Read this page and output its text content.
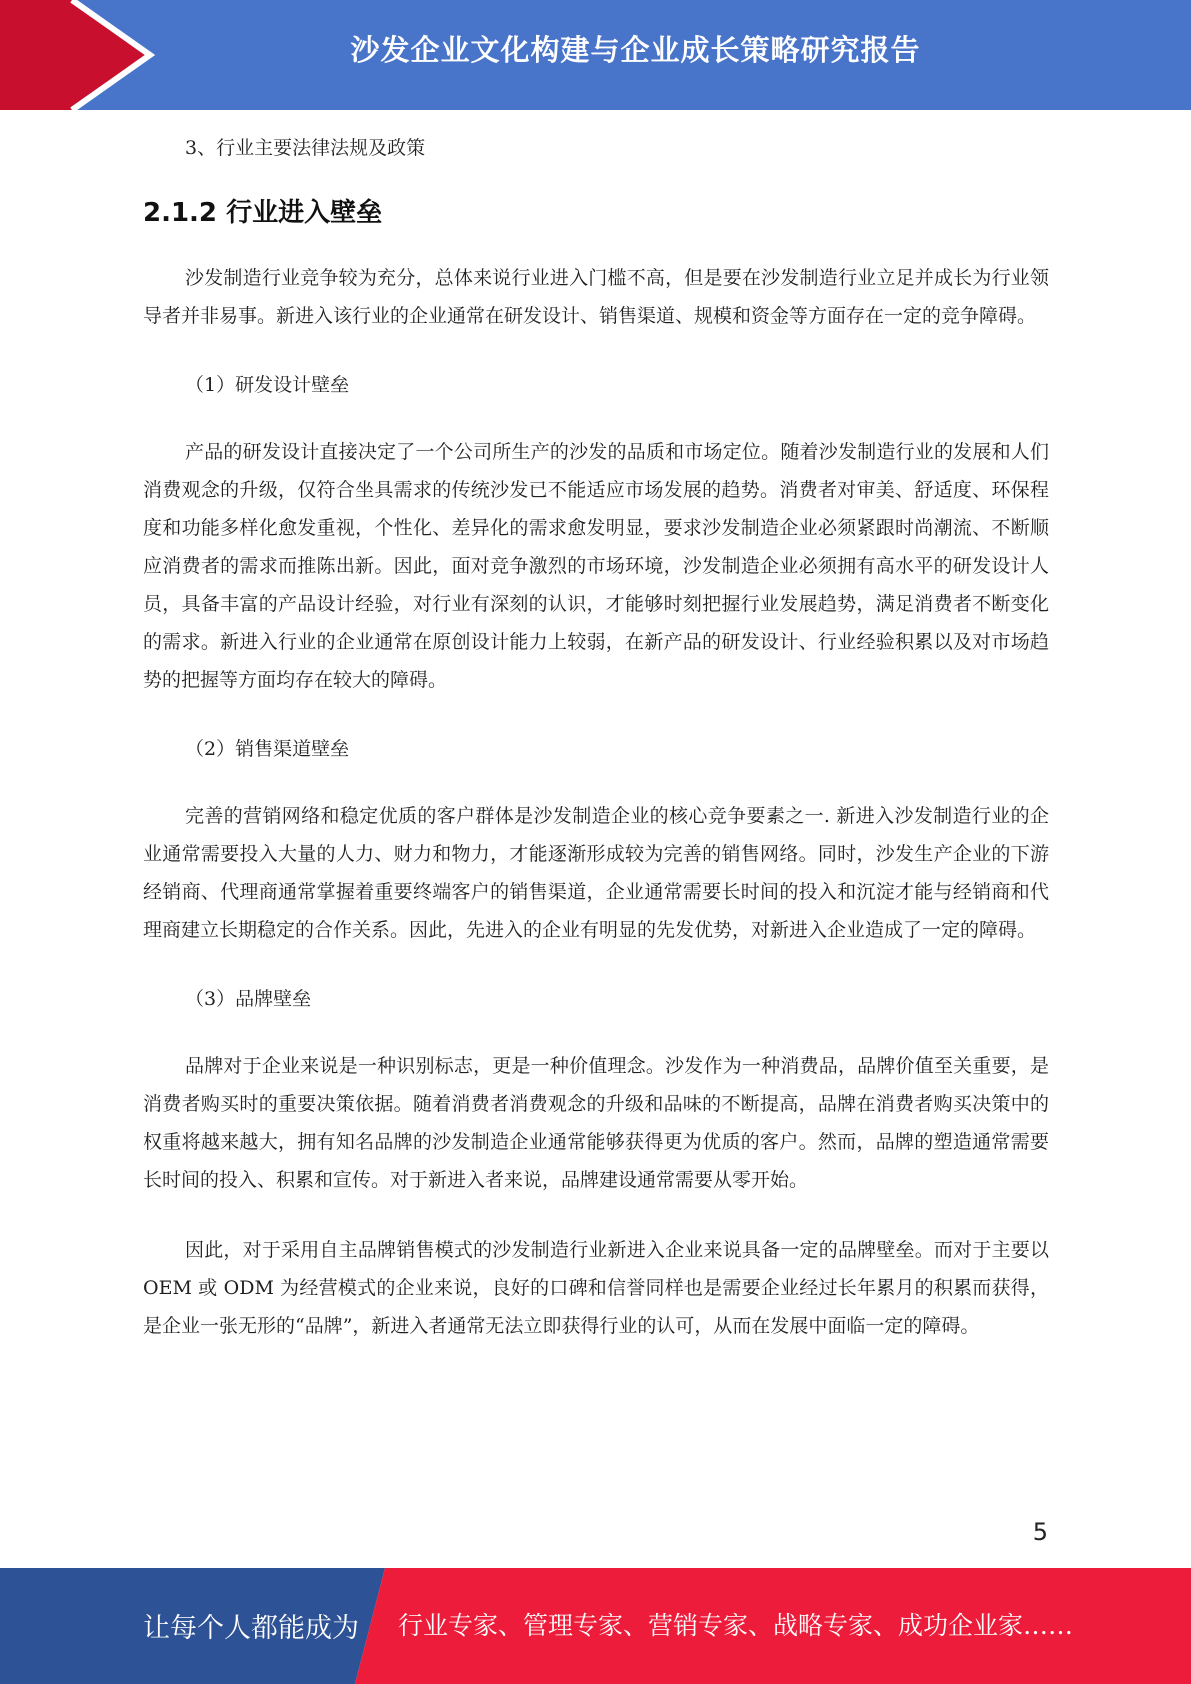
沙发企业文化构建与企业成长策略研究报告
3、行业主要法律法规及政策
2.1.2 行业进入壁垒

沙发制造行业竞争较为充分，总体来说行业进入门槛不高，但是要在沙发制造行业立足并成长为行业领导者并非易事。新进入该行业的企业通常在研发设计、销售渠道、规模和资金等方面存在一定的竞争障碍。

（1）研发设计壁垒

产品的研发设计直接决定了一个公司所生产的沙发的品质和市场定位。随着沙发制造行业的发展和人们消费观念的升级，仅符合坐具需求的传统沙发已不能适应市场发展的趋势。消费者对审美、舒适度、环保程度和功能多样化愈发重视，个性化、差异化的需求愈发明显，要求沙发制造企业必须紧跟时尚潮流、不断顺应消费者的需求而推陈出新。因此，面对竞争激烈的市场环境，沙发制造企业必须拥有高水平的研发设计人员，具备丰富的产品设计经验，对行业有深刻的认识，才能够时刻把握行业发展趋势，满足消费者不断变化的需求。新进入行业的企业通常在原创设计能力上较弱，在新产品的研发设计、行业经验积累以及对市场趋势的把握等方面均存在较大的障碍。

（2）销售渠道壁垒

完善的营销网络和稳定优质的客户群体是沙发制造企业的核心竞争要素之一. 新进入沙发制造行业的企业通常需要投入大量的人力、财力和物力，才能逐渐形成较为完善的销售网络。同时，沙发生产企业的下游经销商、代理商通常掌握着重要终端客户的销售渠道，企业通常需要长时间的投入和沉淀才能与经销商和代理商建立长期稳定的合作关系。因此，先进入的企业有明显的先发优势，对新进入企业造成了一定的障碍。

（3）品牌壁垒

品牌对于企业来说是一种识别标志，更是一种价值理念。沙发作为一种消费品，品牌价值至关重要，是消费者购买时的重要决策依据。随着消费者消费观念的升级和品味的不断提高，品牌在消费者购买决策中的权重将越来越大，拥有知名品牌的沙发制造企业通常能够获得更为优质的客户。然而，品牌的塑造通常需要长时间的投入、积累和宣传。对于新进入者来说，品牌建设通常需要从零开始。

因此，对于采用自主品牌销售模式的沙发制造行业新进入企业来说具备一定的品牌壁垒。而对于主要以 OEM 或 ODM 为经营模式的企业来说，良好的口碑和信誉同样也是需要企业经过长年累月的积累而获得，是企业一张无形的“品牌”，新进入者通常无法立即获得行业的认可，从而在发展中面临一定的障碍。

5
让每个人都能成为 行业专家、管理专家、营销专家、战略专家、成功企业家……
